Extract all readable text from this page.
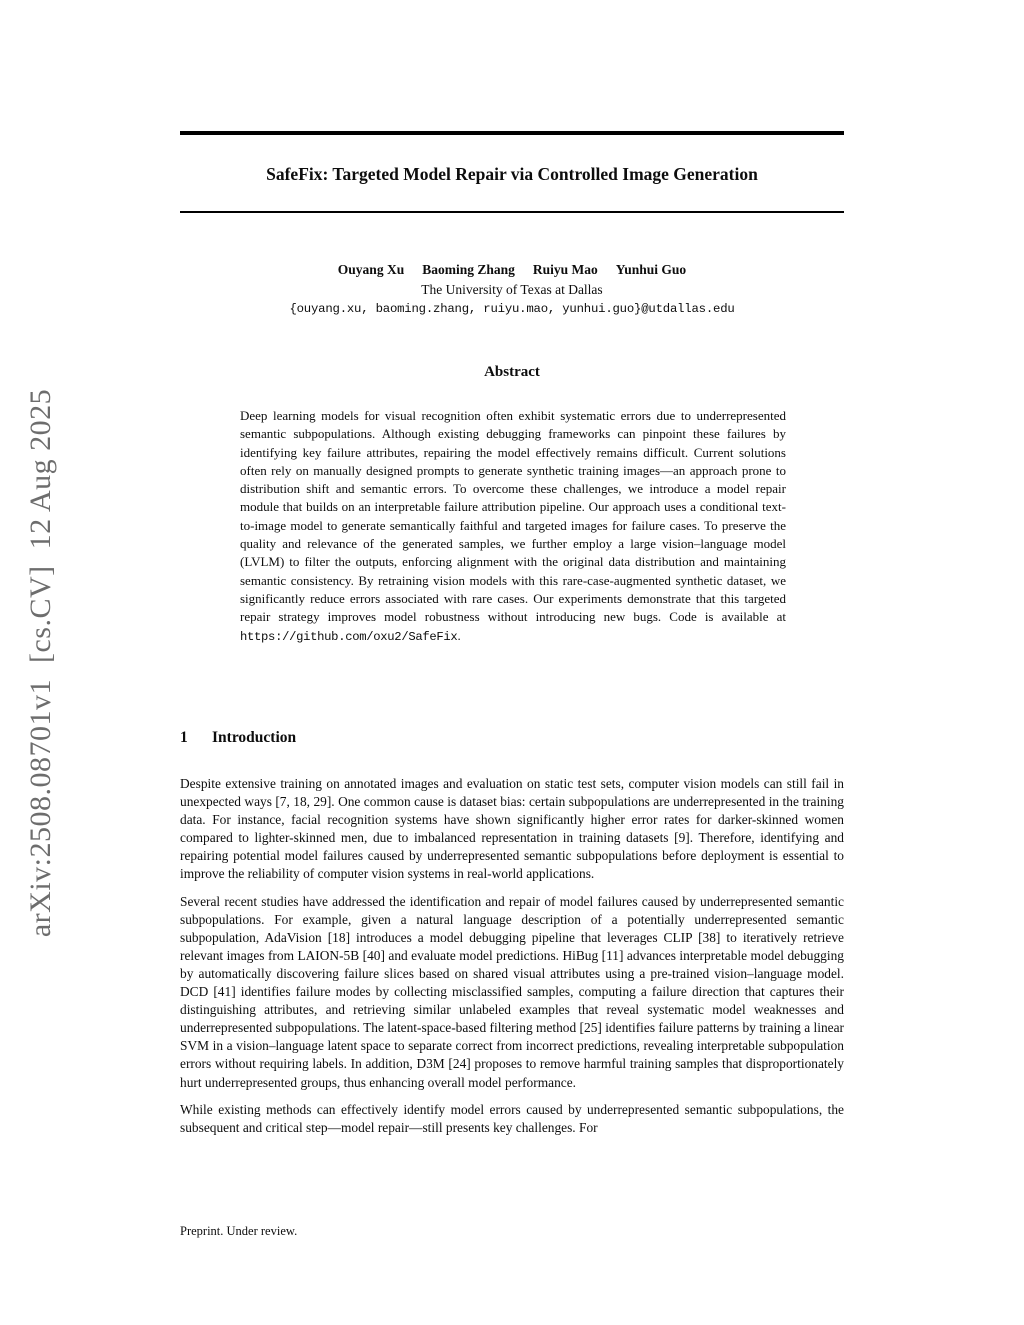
arXiv:2508.08701v1  [cs.CV]  12 Aug 2025
SafeFix: Targeted Model Repair via Controlled Image Generation
Ouyang Xu Baoming Zhang Ruiyu Mao Yunhui Guo
The University of Texas at Dallas
{ouyang.xu, baoming.zhang, ruiyu.mao, yunhui.guo}@utdallas.edu
Abstract

Deep learning models for visual recognition often exhibit systematic errors due to underrepresented semantic subpopulations. Although existing debugging frameworks can pinpoint these failures by identifying key failure attributes, repairing the model effectively remains difficult. Current solutions often rely on manually designed prompts to generate synthetic training images—an approach prone to distribution shift and semantic errors. To overcome these challenges, we introduce a model repair module that builds on an interpretable failure attribution pipeline. Our approach uses a conditional text-to-image model to generate semantically faithful and targeted images for failure cases. To preserve the quality and relevance of the generated samples, we further employ a large vision–language model (LVLM) to filter the outputs, enforcing alignment with the original data distribution and maintaining semantic consistency. By retraining vision models with this rare-case-augmented synthetic dataset, we significantly reduce errors associated with rare cases. Our experiments demonstrate that this targeted repair strategy improves model robustness without introducing new bugs. Code is available at https://github.com/oxu2/SafeFix.

1 Introduction

Despite extensive training on annotated images and evaluation on static test sets, computer vision models can still fail in unexpected ways [7, 18, 29]. One common cause is dataset bias: certain subpopulations are underrepresented in the training data. For instance, facial recognition systems have shown significantly higher error rates for darker-skinned women compared to lighter-skinned men, due to imbalanced representation in training datasets [9]. Therefore, identifying and repairing potential model failures caused by underrepresented semantic subpopulations before deployment is essential to improve the reliability of computer vision systems in real-world applications.

Several recent studies have addressed the identification and repair of model failures caused by underrepresented semantic subpopulations. For example, given a natural language description of a potentially underrepresented semantic subpopulation, AdaVision [18] introduces a model debugging pipeline that leverages CLIP [38] to iteratively retrieve relevant images from LAION-5B [40] and evaluate model predictions. HiBug [11] advances interpretable model debugging by automatically discovering failure slices based on shared visual attributes using a pre-trained vision–language model. DCD [41] identifies failure modes by collecting misclassified samples, computing a failure direction that captures their distinguishing attributes, and retrieving similar unlabeled examples that reveal systematic model weaknesses and underrepresented subpopulations. The latent-space-based filtering method [25] identifies failure patterns by training a linear SVM in a vision–language latent space to separate correct from incorrect predictions, revealing interpretable subpopulation errors without requiring labels. In addition, D3M [24] proposes to remove harmful training samples that disproportionately hurt underrepresented groups, thus enhancing overall model performance.

While existing methods can effectively identify model errors caused by underrepresented semantic subpopulations, the subsequent and critical step—model repair—still presents key challenges. For

Preprint. Under review.
